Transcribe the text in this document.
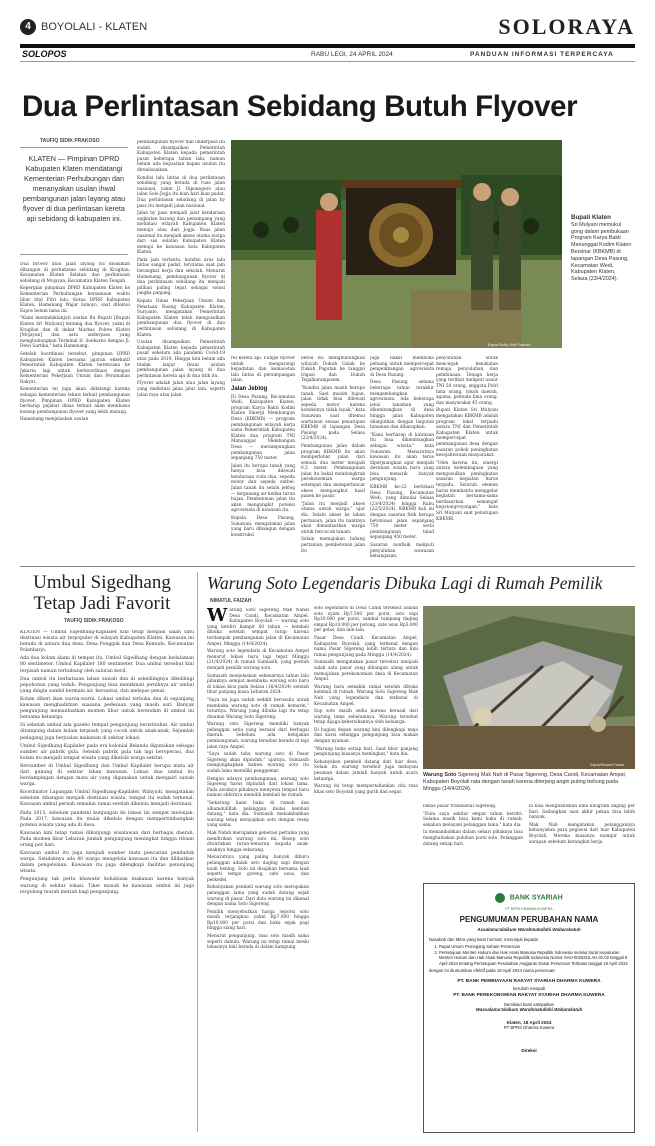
4 BOYOLALI - KLATEN	SOLORAYA
SOLOPOS	RABU LEGI, 24 APRIL 2024	PANDUAN INFORMASI TERPERCAYA
Dua Perlintasan Sebidang Butuh Flyover
TAUFIQ SIDIK PRAKOSO
KLATEN — Pimpinan DPRD Kabupaten Klaten mendatangi Kementerian Perhubungan dan menanyakan usulan ihwal pembangunan jalan layang atau flyover di dua perlintasan kereta api sebidang di kabupaten ini.

Dua flyover atau jalan layang itu diusulkan dibangun di perlintasan sebidang di Kragilan, Kecamatan Klaten Selatan dan perlintasan sebidang di Mojayan, Kecamatan Klaten Tengah.

Kepergian pimpinan DPRD Kabupaten Klaten ke Kementerian Perhubungan bersamaan waktu libur Idul Fitri lalu. Ketua DPRD Kabupaten Klaten, Hamenang Wajar Ismoyo, saat ditemui Espos belum lama ini.

"Kami menindaklanjuti usulan Bu Bupati [Bupati Klaten Sri Mulyani] tentang dua flyover, yakni di Kragilan dan di dekat Markas Polres Klaten [Mojayan] dan satu underpass yang menghubungkan Terminal Ir. Soekarno dengan Jl. Dewi Sartika," kata Hamenang.

Setelah koordinasi tersebut, pimpinan DPRD Kabupaten Klaten bersama jajaran eksekutif Pemerintah Kabupaten Klaten berencana ke Jakarta lagi untuk berkoordinasi dengan Kementerian Pekerjaan Umum dan Perumahan Rakyat.

Kementerian ini juga akan didatangi karena sebagai kementerian teknis terkait pembangunan flyover. Pimpinan DPRD Kabupaten Klaten berharap pejabat dinas terkait akan membawa konsep pembangunan flyover yang lebih matang.

Hamenang menjelaskan usulan

pembangunan flyover dan underpass itu sudah disampaikan Pemerintah Kabupaten Klaten kepada pemerintah pusat beberapa tahun lalu, namun belum ada kepastian kapan usulan itu direalisasikan.

Kondisi lalu lintas di dua perlintasan sebidang yang berada di ruas jalan nasional, yakni Jl. Diponegoro atau jalan Solo-Jogja itu kian hari kian padat. Dua perlintasan sebidang di jalan by pass itu menjadi jalan nasional.

Jalan by pass menjadi jalur kendaraan angkutan barang dan penumpang yang melintasi wilayah Kabupaten Klaten menuju atau dari Jogja. Ruas jalan nasional itu menjadi akses utama warga dari sisi selatan Kabupaten Klaten menuju ke kawasan kota Kabupaten Klaten.

Pada jam tertentu, kondisi arus lalu lintas sangat padat, terutama saat jam berangkat kerja dan sekolah. Menurut Hamenang, pembangunan flyover di dua perlintasan sebidang itu menjadi pilihan paling tepat sebagai solusi jangka panjang.

Kepala Dinas Pekerjaan Umum dan Penataan Ruang Kabupaten Klaten, Suryanto, mengatakan Pemerintah Kabupaten Klaten telah mengusulkan pembangunan dua flyover di dua perlintasan sebidang di Kabupaten Klaten.

Usulan disampaikan Pemerintah Kabupaten Klaten kepada pemerintah pusat sebelum ada pandemi Covid-19 atau pada 2019. Hingga kini belum ada tindak lanjut ihwal usulan pembangunan jalan layang di dua perlintasan kereta api di dua titik itu.

Flyover adalah jalan atau jalan layang yang melintasi jalan jalur lain, seperti jalan raya atau jalan

Espos/Taufiq Sidik Prakoso
Bupati Klaten
Sri Mulyani memukul gong dalam pembukaan Program Karya Bakti Manunggal Kodim Klaten Bersinar (KBKMB) di lapangan Desa Pasung, Kecamatan Wedi, Kabupaten Klaten, Selasa (23/4/2024).

rel kereta api. Fungsi flyover untuk mengurangi kepadatan dan kemacetan lalu lintas di persimpangan jalan.

Jalan Jeblog

Di Desa Pasung, Kecamatan Wedi, Kabupaten Klaten, program Karya Bakti Kodim Klaten Sinergi Membangun Desa (KBKMB) — program pembangunan wilayah kerja sama Pemerintah Kabupaten Klaten dan program TNI Manunggal Membangun Desa — merampungkan pembangunan jalan sepanjang 750 meter.

Jalan itu berupa tanah yang hanya bisa dilewati kendaraan roda dua, sepeda motor dan sepeda onthel. Jalan tanah itu selalu jeblog — tergenang air ketika turun hujan. Pembetonan jalan itu akan mengungkit potensi agrowisata di kawasan itu.

Kepala Desa Pasung, Sunawan, mengatakan jalan yang baru dibangun dengan konstruksi

beton itu menghubungkan wilayah Dukuh Galak ke Dukuh Pagutan ke tanggul irigasi dan Dukuh Tegalkarangasem.

"Kondisi jalan masih berupa tanah. Saat musim hujan, jalan tidak bisa dilewati sepeda motor karena kondisinya tidak layak," kata Sunawan saat ditemui wartawan seusai penutupan KBKMB di lapangan Desa Pasung pada Selasa (23/4/2024).

Pembangunan jalan dalam program KBKMB itu akan memperlebar jalan dari semula dua meter menjadi 6,5 meter. Pembangunan jalan itu bakal mendongkrak perekonomian warga setempat dan memperlancar akses mengangkut hasil panen ke pasar.

"Jalan itu menjadi akses utama untuk warga," ujar dia. Selain akses ke lahan pertanian, jalan itu nantinya akan dimanfaatkan warga untuk bercocok tanam.

Selain memajukan bidang pertanian, pembetonan jalan itu

juga bakal membuka peluang untuk mempercepat pengembangan agrowisata di Desa Pasung.

Desa Pasung selama beberapa tahun terakhir mengembangkan agrowisata. Ada beberapa jenis tanaman yang dikembangkan di desa hingga jalan Kabupaten dilanjutkan dengan lanjutan tanaman dan diharapkan.

"Kami berharap di kawasan itu bisa dikembangkan sebagai wisata," kata Sunawan. Menurutnya kawasan itu akan terus diperjuangkan agar menjadi destinasi wisata baru yang bisa menarik banyak pengunjung.

KBKMB ke-22 berlokasi Desa Pasung, Kecamatan Wedi, yang dimulai Selasa (23/4/2024) hingga Rabu (22/5/2024). KBKMB kali ini dengan sasaran fisik berupa betonisasi jalan sepanjang 750 meter serta pembangunan talud sepanjang 450 meter.

Sasaran nonfisik meliputi penyuluhan wawasan kebangsaan,

penyuluhan untuk mencegah kenakalan remaja, penyuluhan, dan pembinaan. Tenaga kerja yang terlibat meliputi unsur TNI 50 orang, anggota Polri lima orang, tokoh daerah, agama, pemuda lima orang, dan masyarakat 45 orang.

Bupati Klaten Sri Mulyani mengatakan KBKMB adalah program lokal terpadu antara TNI dan Pemerintah Kabupaten Klaten untuk mempercepat pembangunan desa dengan sasaran pokok peningkatan kesejahteraan masyarakat.

"Oleh karena itu, sinergi antara kelembagaan yang mengusulkan peningkatan sasaran kegiatan harus terpadu. Seluruh elemen harus membantu menggelar kegiatan bersama-sama berdasarkan semangat kegotongroyongan," kata Sri Mulyani saat penutupan KBKMB.

Umbul Sigedhang Tetap Jadi Favorit
TAUFIQ SIDIK PRAKOSO

KLATEN — Umbul Sigedhang-Kapilaler kini tetap menjadi salah satu destinasi wisata air terpopuler di wilayah Kabupaten Klaten. Kawasan ini berada di antara dua desa, Desa Ponggok dan Desa Kemudo, Kecamatan Polanharjo.

Ada dua kolam alami di tempat itu, Umbul Sigedhang dengan kedalaman 80 sentimeter. Umbul Kapilaler 180 sentimeter. Dua umbul tersebut kini terpisah namun terhubung oleh saluran kecil.

Dua umbul itu berbatasan lahan sawah dan di sekelilingnya dikelilingi pepohonan yang teduh. Pengunjung bisa menikmati jernihnya air umbul yang dingin sambil bermain air, bersantai, dan melepas penat.

Kolam diberi ikan warna-warni. Lokasi umbul terbuka dan di sepanjang kawasan menghadirkan suasana pedesaan yang masih asri. Banyak pengunjung memanfaatkan momen libur untuk berendam di umbul ini bersama keluarga.

Di sebelah umbul ada gazebo tempat pengunjung beristirahat. Air umbul ditampung dalam kolam terpisah yang cocok untuk anak-anak. Sejumlah pedagang juga berjualan makanan di sekitar lokasi.

Umbul Sigedhang-Kapilaler pada era kolonial Belanda digunakan sebagai sumber air pabrik gula. Setelah pabrik gula tak lagi beroperasi, dua kolam itu menjadi tempat wisata yang dikelola warga sekitar.

Bersumber di Umbul Sigedhang dan Umbul Kapilaler berupa mata air dari gunung di sekitar lahan kawasan. Lokasi dua umbul itu berdampingan dengan mata air yang digunakan untuk mengairi sawah warga.

Koordinator Lapangan Umbul Sigedhang-Kapilaler, Wahyudi, mengatakan sebelum dibangun menjadi destinasi wisata, tempat itu sudah terkenal. Kawasan umbul pernah semakin ramai setelah dikelola menjadi destinasi.

Pada 2015, sebelum pandemi kunjungan ke lokasi ini sempat melonjak. Pada 2017, kawasan itu mulai dikelola dengan mempertimbangkan potensi wisata yang ada di desa.

Kawasan kini tetap ramai dikunjungi wisatawan dari berbagai daerah. Pada momen libur Lebaran jumlah pengunjung meningkat hingga ribuan orang per hari.

Kawasan umbul itu juga menjadi sumber mata pencarian penduduk warga. Setidaknya ada 40 warga mengelola kawasan itu dan dilibatkan dalam pengelolaan. Kawasan itu juga dilengkapi fasilitas penunjang wisata.

Pengunjung tak perlu khawatir kehabisan makanan karena banyak warung di sekitar lokasi. Tiket masuk ke kawasan umbul ini juga tergolong murah meriah bagi pengunjung.

Warung Soto Legendaris Dibuka Lagi di Rumah Pemilik
NIMATUL FAIZAH
W arung Soto Sigereng Mak Nahdi Desa Candi, Kecamatan Ampel, Kabupaten Boyolali — warung soto yang berdiri hampir 60 tahun — kembali dibuka setelah sempat tutup karena terdampak pembangunan jalan di Kecamatan Ampel, Minggu (14/4/2024).

Warung soto legendaris di Kecamatan Ampel menurut lokasi baru lagi tepat Minggu (21/4/2024) di rumah Sumiasih, yang pernah menjadi pemilik warung soto.

Sumiasih menjelaskan sebenarnya tahun lalu pihaknya sempat membuka warung soto baru di lokasi kios pada Selasa (16/4/2024) setelah libur panjang masa Lebaran 2024.

"Saya ini juga sudah sedikit berusaha untuk membuka warung soto di rumah kemarin," tuturnya. Warung yang dibuka lagi itu tetap dinamai Warung Soto Sigereng.

Warung soto Sigereng memiliki banyak pelanggan setia yang berasal dari berbagai daerah. Sebelum ada kebijakan pembangunan, warung tersebut berada di tepi jalan raya Ampel.

"Saya sudah tahu warung soto di Pasar Sigereng akan dipindah," ujarnya. Sumiasih mengungkapkan bahwa warung soto itu sudah lama memiliki penggemar.

Dengan adanya pembangunan, warung soto Sigereng harus dipindah dari lokasi lama. Pada awalnya pihaknya menyewa tempat baru namun akhirnya memilih kembali ke rumah.

"Sekarang kami buka di rumah dan alhamdulillah pelanggan mulai kembali datang," kata dia. Sumiasih menambahkan warung tetap menyajikan soto dengan resep yang sama.

Mak Nahdi merupakan generasi pertama yang mendirikan warung soto ini. Resep soto diwariskan turun-temurun kepada anak-anaknya hingga sekarang.

Menurutnya yang paling banyak diburu pelanggan adalah soto daging sapi dengan kuah bening. Soto ini disajikan bersama lauk seperti tempe goreng, sate usus, dan perkedel.

Kebanyakan pembeli warung soto merupakan pelanggan lama yang sudah datang sejak warung di pasar. Dari dulu warung ini dikenal dengan nama Soto Sigereng.

Pemilik menyebutkan harga seporsi soto masih terjangkau yakni Rp7.000 hingga Rp10.000 per porsi dan buka sejak pagi hingga siang hari.

Menurut pengunjung, rasa soto masih sama seperti dahulu. Warung ini tetap ramai meski lokasinya kini berada di dalam kampung.

soto legendaris di Desa Candi tersebut adalah soto ayam Rp7.500 per porsi, soto sapi Rp10.000 per porsi, sambal tumpang daging empal Rp10.000 per potong, sate usus Rp5.000 per gelas, dan lain-lain.

Pasar Desa Candi, Kecamatan Ampel, Kabupaten Boyolali, yang terkenal dengan nama Pasar Sigereng lebih tertata dan kini ramai pengunjung pada Minggu (14/4/2024).

Sumiasih mengatakan pasar tersebut menjadi salah satu pasar yang dibangun ulang untuk memajukan perekonomian desa di Kecamatan Ampel.

Warung baru semakin ramai setelah dibuka kembali di rumah. Warung Soto Sigereng Mak Nah yang legendaris dan terkenal di Kecamatan Ampel.

Sup soto masih sedia karena berasal dari warung lama sebelumnya. Warung tersebut tetap dijaga kebersihannya oleh keluarga.

Di bagian depan warung kini dilengkapi meja dan kursi sehingga pengunjung bisa makan dengan nyaman.

"Warung buka setiap hari. Saat libur panjang pengunjung biasanya meningkat," kata dia.

Kebanyakan pembeli datang dari luar desa. Selain itu warung tersebut juga melayani pesanan dalam jumlah banyak untuk acara keluarga.

Warung ini tetap mempertahankan cita rasa khas soto Boyolali yang gurih dan segar.

Espos/Nimatul Faizah
Warung Soto Sigereng Mak Nah di Pasar Sigereng, Desa Candi, Kecamatan Ampel, Kabupaten Boyolali rata dengan tanah karena diterjang angin puting beliung pada Minggu (14/4/2024).

bekas pasar tradisional Sigereng.

"Dulu saya sekitar empat tahun berdiri. Selama masih bisa kami buka di rumah, sekalian melayani pelanggan lama," kata dia.

Ia menambahkan dalam sehari pihaknya bisa menghabiskan puluhan porsi soto. Pelanggan datang setiap hari.

la bisa menghabiskan lima kilogram daging per hari. Sedangkan saat akhir pekan bisa lebih banyak.

Mak Nah mengatakan pelanggannya kebanyakan para pegawai dari luar Kabupaten Boyolali. Mereka biasanya mampir untuk sarapan sebelum berangkat kerja.

BANK SYARIAH
PT BPRS DHARMA KUWERA
PENGUMUMAN PERUBAHAN NAMA
Assalamu'alaikum Warahmatullahi Wabarakatuh
Nasabah dan Mitra yang kami hormati, menunjuk kepada
1. Rapat Umum Pemegang Saham Perseroan
2. Persetujuan Menteri Hukum dan Hak Asasi Manusia Republik Indonesia melalui Surat Keputusan Menteri Hukum dan Hak Asasi Manusia Republik Indonesia Nomor AHU-0025315.AH.01.02 tanggal 8 April 2024 tentang Persetujuan Perubahan Anggaran Dasar Perseroan Terbatas tanggal 18 April 2024
dengan ini diumumkan efektif pada 18 April 2024 nama perseroan:
PT. BANK PEMBIAYAAN RAKYAT SYARIAH DHARMA KUWERA
berubah menjadi
PT. BANK PEREKONOMIAN RAKYAT SYARIAH DHARMA KUWERA
Demikian kami sampaikan
Wassalamu'alaikum Warahmatullahi Wabarakatuh
Klaten, 18 April 2024
PT BPRS Dharma Kuwera
Direksi
